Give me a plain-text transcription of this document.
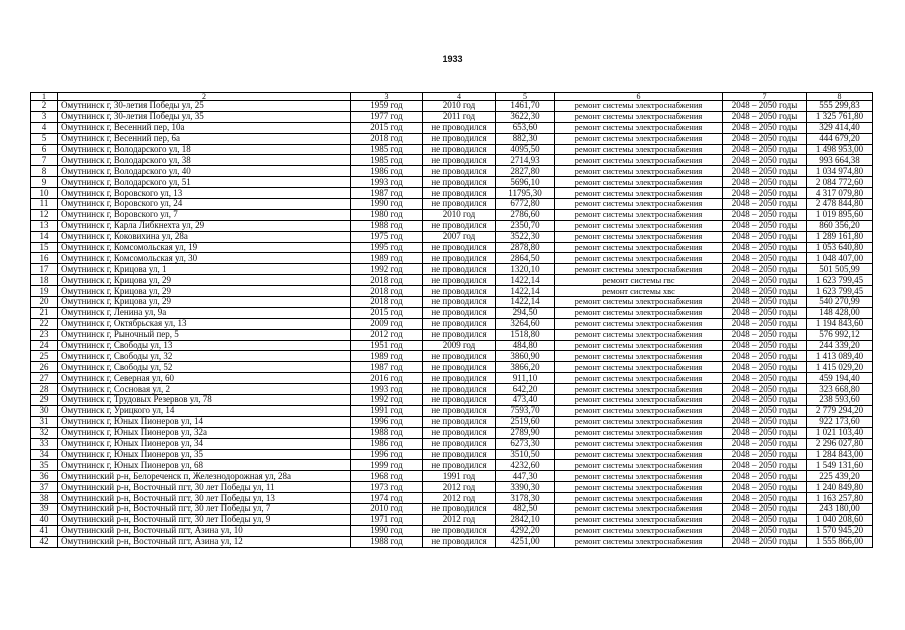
1933
1	2	3	4	5	6	7	8
2	Омутнинск г, 30-летия Победы ул, 25	1959 год	2010 год	1461,70	ремонт системы электроснабжения	2048 – 2050 годы	555 299,83
3	Омутнинск г, 30-летия Победы ул, 35	1977 год	2011 год	3622,30	ремонт системы электроснабжения	2048 – 2050 годы	1 325 761,80
4	Омутнинск г, Весенний пер, 10а	2015 год	не проводился	653,60	ремонт системы электроснабжения	2048 – 2050 годы	329 414,40
5	Омутнинск г, Весенний пер, 6а	2018 год	не проводился	882,30	ремонт системы электроснабжения	2048 – 2050 годы	444 679,20
6	Омутнинск г, Володарского ул, 18	1985 год	не проводился	4095,50	ремонт системы электроснабжения	2048 – 2050 годы	1 498 953,00
7	Омутнинск г, Володарского ул, 38	1985 год	не проводился	2714,93	ремонт системы электроснабжения	2048 – 2050 годы	993 664,38
8	Омутнинск г, Володарского ул, 40	1986 год	не проводился	2827,80	ремонт системы электроснабжения	2048 – 2050 годы	1 034 974,80
9	Омутнинск г, Володарского ул, 51	1993 год	не проводился	5696,10	ремонт системы электроснабжения	2048 – 2050 годы	2 084 772,60
10	Омутнинск г, Воровского ул, 13	1987 год	не проводился	11795,30	ремонт системы электроснабжения	2048 – 2050 годы	4 317 079,80
11	Омутнинск г, Воровского ул, 24	1990 год	не проводился	6772,80	ремонт системы электроснабжения	2048 – 2050 годы	2 478 844,80
12	Омутнинск г, Воровского ул, 7	1980 год	2010 год	2786,60	ремонт системы электроснабжения	2048 – 2050 годы	1 019 895,60
13	Омутнинск г, Карла Либкнехта ул, 29	1988 год	не проводился	2350,70	ремонт системы электроснабжения	2048 – 2050 годы	860 356,20
14	Омутнинск г, Коковихина ул, 28а	1975 год	2007 год	3522,30	ремонт системы электроснабжения	2048 – 2050 годы	1 289 161,80
15	Омутнинск г, Комсомольская ул, 19	1995 год	не проводился	2878,80	ремонт системы электроснабжения	2048 – 2050 годы	1 053 640,80
16	Омутнинск г, Комсомольская ул, 30	1989 год	не проводился	2864,50	ремонт системы электроснабжения	2048 – 2050 годы	1 048 407,00
17	Омутнинск г, Крицова ул, 1	1992 год	не проводился	1320,10	ремонт системы электроснабжения	2048 – 2050 годы	501 505,99
18	Омутнинск г, Крицова ул, 29	2018 год	не проводился	1422,14	ремонт системы гвс	2048 – 2050 годы	1 623 799,45
19	Омутнинск г, Крицова ул, 29	2018 год	не проводился	1422,14	ремонт системы хвс	2048 – 2050 годы	1 623 799,45
20	Омутнинск г, Крицова ул, 29	2018 год	не проводился	1422,14	ремонт системы электроснабжения	2048 – 2050 годы	540 270,99
21	Омутнинск г, Ленина ул, 9а	2015 год	не проводился	294,50	ремонт системы электроснабжения	2048 – 2050 годы	148 428,00
22	Омутнинск г, Октябрьская ул, 13	2009 год	не проводился	3264,60	ремонт системы электроснабжения	2048 – 2050 годы	1 194 843,60
23	Омутнинск г, Рыночный пер, 5	2012 год	не проводился	1518,80	ремонт системы электроснабжения	2048 – 2050 годы	576 992,12
24	Омутнинск г, Свободы ул, 13	1951 год	2009 год	484,80	ремонт системы электроснабжения	2048 – 2050 годы	244 339,20
25	Омутнинск г, Свободы ул, 32	1989 год	не проводился	3860,90	ремонт системы электроснабжения	2048 – 2050 годы	1 413 089,40
26	Омутнинск г, Свободы ул, 52	1987 год	не проводился	3866,20	ремонт системы электроснабжения	2048 – 2050 годы	1 415 029,20
27	Омутнинск г, Северная ул, 60	2016 год	не проводился	911,10	ремонт системы электроснабжения	2048 – 2050 годы	459 194,40
28	Омутнинск г, Сосновая ул, 2	1993 год	не проводился	642,20	ремонт системы электроснабжения	2048 – 2050 годы	323 668,80
29	Омутнинск г, Трудовых Резервов ул, 78	1992 год	не проводился	473,40	ремонт системы электроснабжения	2048 – 2050 годы	238 593,60
30	Омутнинск г, Урицкого ул, 14	1991 год	не проводился	7593,70	ремонт системы электроснабжения	2048 – 2050 годы	2 779 294,20
31	Омутнинск г, Юных Пионеров ул, 14	1996 год	не проводился	2519,60	ремонт системы электроснабжения	2048 – 2050 годы	922 173,60
32	Омутнинск г, Юных Пионеров ул, 32а	1988 год	не проводился	2789,90	ремонт системы электроснабжения	2048 – 2050 годы	1 021 103,40
33	Омутнинск г, Юных Пионеров ул, 34	1986 год	не проводился	6273,30	ремонт системы электроснабжения	2048 – 2050 годы	2 296 027,80
34	Омутнинск г, Юных Пионеров ул, 35	1996 год	не проводился	3510,50	ремонт системы электроснабжения	2048 – 2050 годы	1 284 843,00
35	Омутнинск г, Юных Пионеров ул, 68	1999 год	не проводился	4232,60	ремонт системы электроснабжения	2048 – 2050 годы	1 549 131,60
36	Омутнинский р-н, Белореченск п, Железнодорожная ул, 28а	1968 год	1991 год	447,30	ремонт системы электроснабжения	2048 – 2050 годы	225 439,20
37	Омутнинский р-н, Восточный пгт, 30 лет Победы ул, 11	1973 год	2012 год	3390,30	ремонт системы электроснабжения	2048 – 2050 годы	1 240 849,80
38	Омутнинский р-н, Восточный пгт, 30 лет Победы ул, 13	1974 год	2012 год	3178,30	ремонт системы электроснабжения	2048 – 2050 годы	1 163 257,80
39	Омутнинский р-н, Восточный пгт, 30 лет Победы ул, 7	2010 год	не проводился	482,50	ремонт системы электроснабжения	2048 – 2050 годы	243 180,00
40	Омутнинский р-н, Восточный пгт, 30 лет Победы ул, 9	1971 год	2012 год	2842,10	ремонт системы электроснабжения	2048 – 2050 годы	1 040 208,60
41	Омутнинский р-н, Восточный пгт, Азина ул, 10	1990 год	не проводился	4292,20	ремонт системы электроснабжения	2048 – 2050 годы	1 570 945,20
42	Омутнинский р-н, Восточный пгт, Азина ул, 12	1988 год	не проводился	4251,00	ремонт системы электроснабжения	2048 – 2050 годы	1 555 866,00
